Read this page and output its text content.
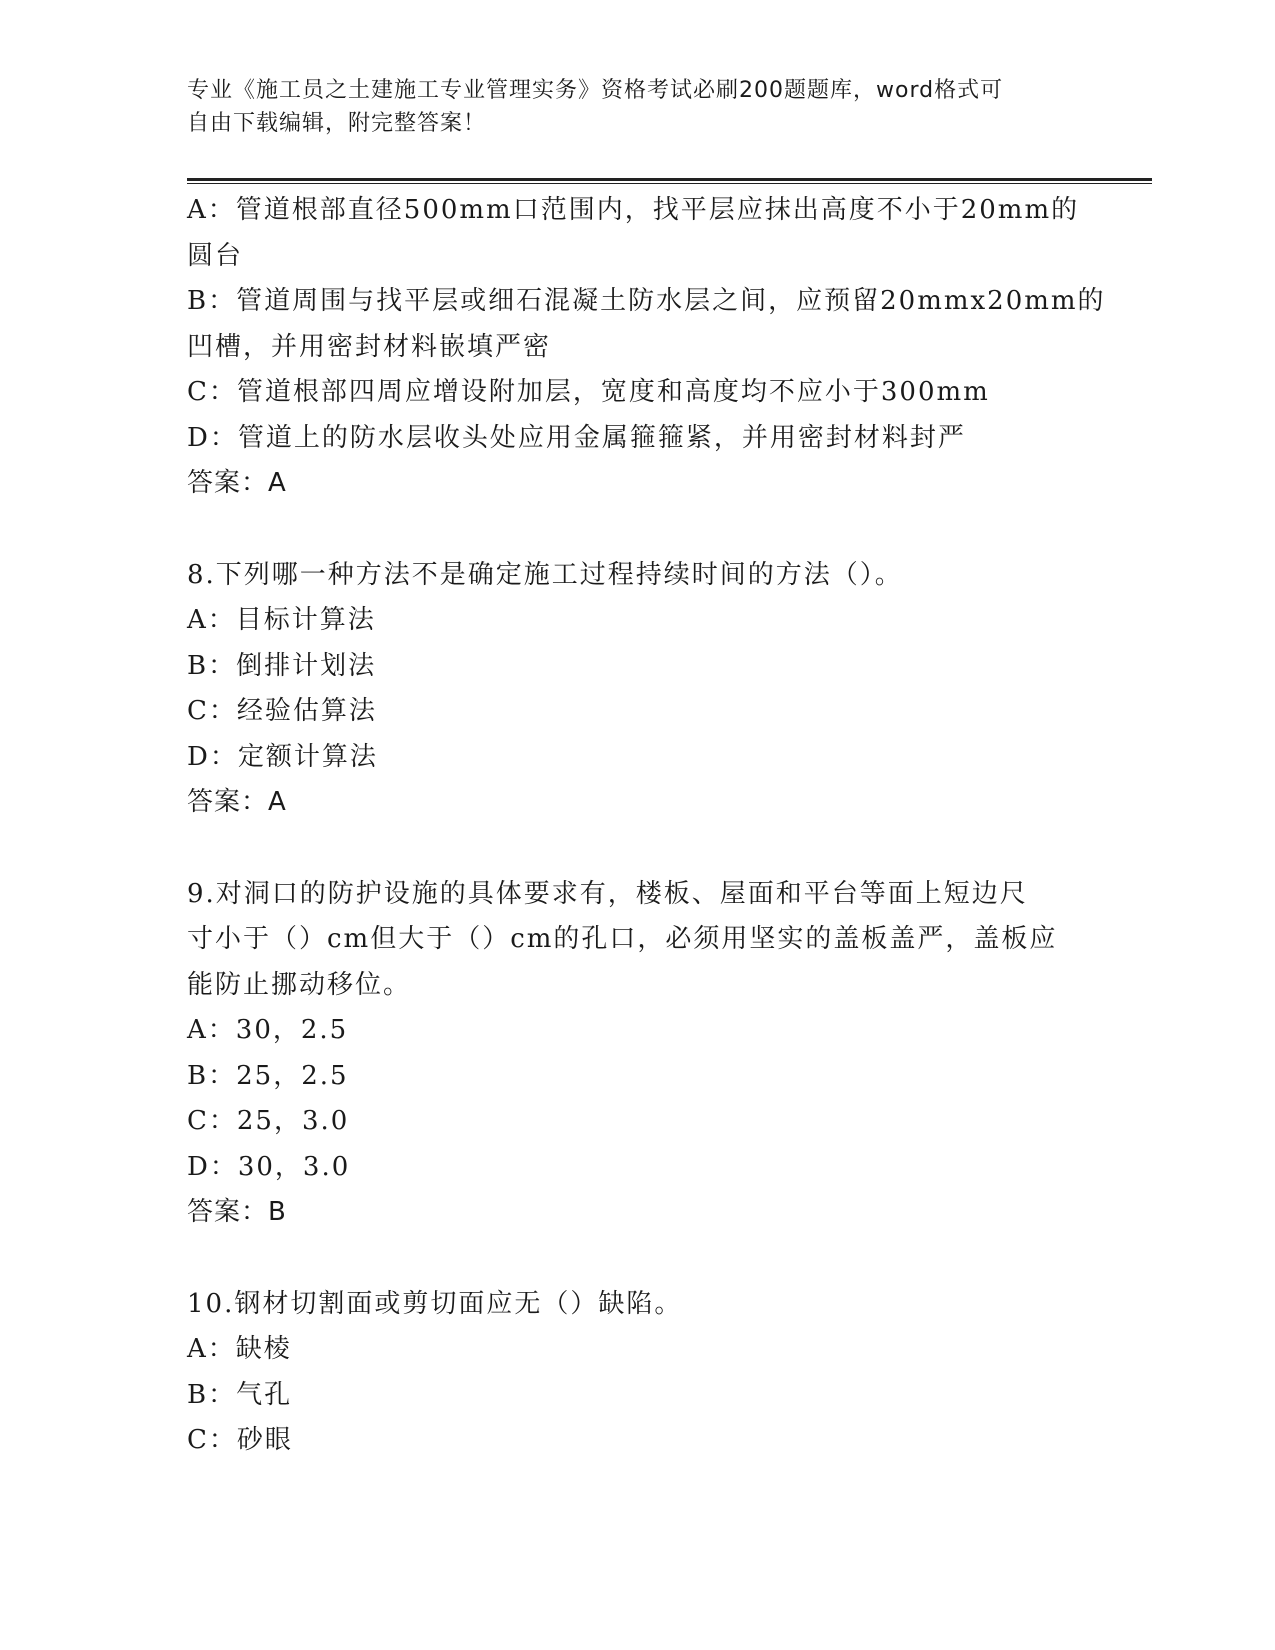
专业《施工员之土建施工专业管理实务》资格考试必刷200题题库，word格式可
自由下载编辑，附完整答案！
A：管道根部直径500mm口范围内，找平层应抹出高度不小于20mm的
圆台
B：管道周围与找平层或细石混凝土防水层之间，应预留20mmx20mm的
凹槽，并用密封材料嵌填严密
C：管道根部四周应增设附加层，宽度和高度均不应小于300mm
D：管道上的防水层收头处应用金属箍箍紧，并用密封材料封严
答案：A
8.下列哪一种方法不是确定施工过程持续时间的方法（）。
A：目标计算法
B：倒排计划法
C：经验估算法
D：定额计算法
答案：A
9.对洞口的防护设施的具体要求有，楼板、屋面和平台等面上短边尺
寸小于（）cm但大于（）cm的孔口，必须用坚实的盖板盖严，盖板应
能防止挪动移位。
A：30，2.5
B：25，2.5
C：25，3.0
D：30，3.0
答案：B
10.钢材切割面或剪切面应无（）缺陷。
A：缺棱
B：气孔
C：砂眼
